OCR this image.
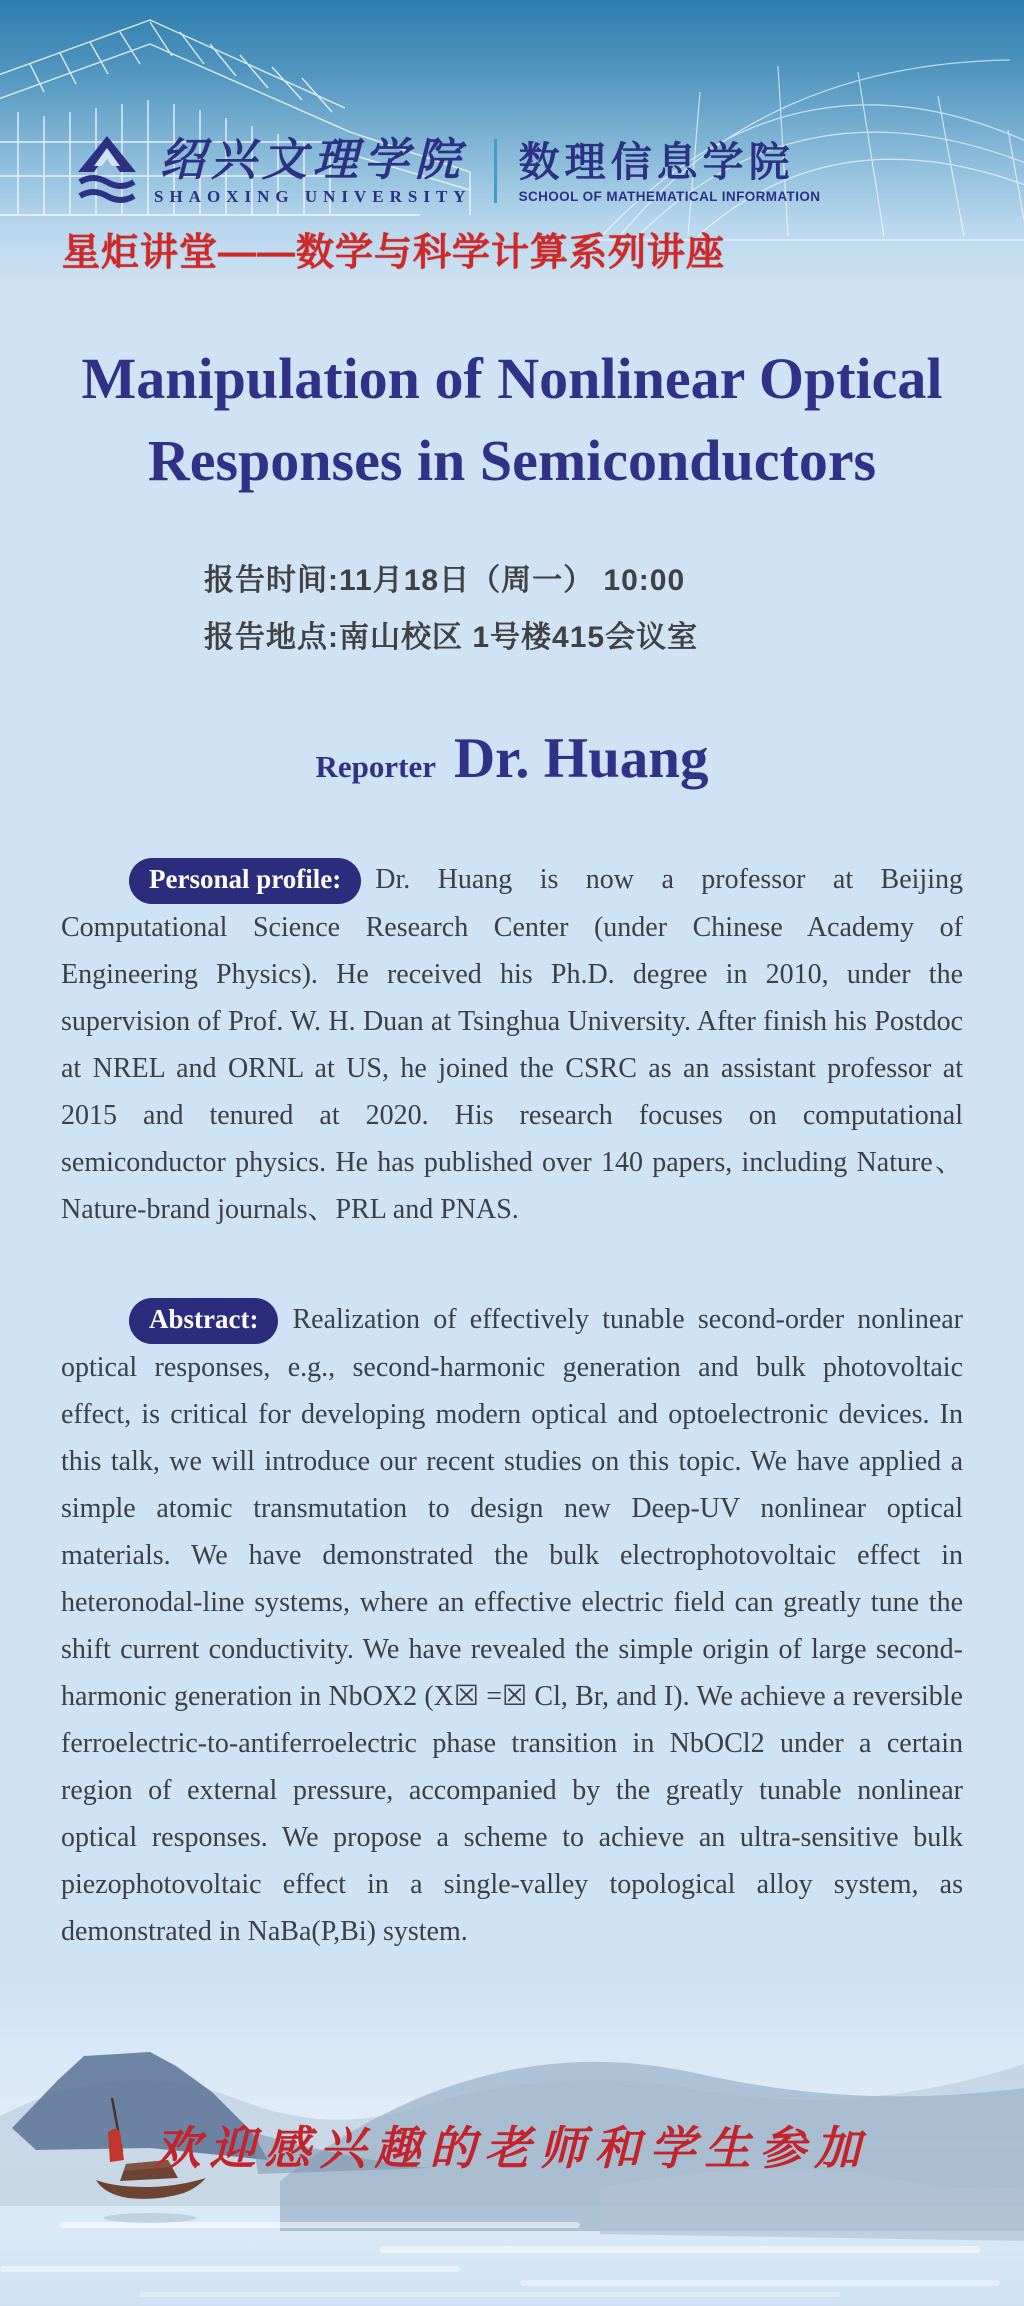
绍兴文理学院
SHAOXING UNIVERSITY
数理信息学院
SCHOOL OF MATHEMATICAL INFORMATION
星炬讲堂——数学与科学计算系列讲座
Manipulation of Nonlinear Optical
Responses in Semiconductors
报告时间:11月18日（周一） 10:00
报告地点:南山校区 1号楼415会议室
Reporter Dr. Huang

Personal profile: Dr. Huang is now a professor at Beijing Computational Science Research Center (under Chinese Academy of Engineering Physics). He received his Ph.D. degree in 2010, under the supervision of Prof. W. H. Duan at Tsinghua University. After finish his Postdoc at NREL and ORNL at US, he joined the CSRC as an assistant professor at 2015 and tenured at 2020. His research focuses on computational semiconductor physics. He has published over 140 papers, including Nature、Nature-brand journals、PRL and PNAS.

Abstract: Realization of effectively tunable second-order nonlinear optical responses, e.g., second-harmonic generation and bulk photovoltaic effect, is critical for developing modern optical and optoelectronic devices. In this talk, we will introduce our recent studies on this topic. We have applied a simple atomic transmutation to design new Deep-UV nonlinear optical materials. We have demonstrated the bulk electrophotovoltaic effect in heteronodal-line systems, where an effective electric field can greatly tune the shift current conductivity. We have revealed the simple origin of large second-harmonic generation in NbOX2 (X☒ =☒ Cl, Br, and I). We achieve a reversible ferroelectric-to-antiferroelectric phase transition in NbOCl2 under a certain region of external pressure, accompanied by the greatly tunable nonlinear optical responses. We propose a scheme to achieve an ultra-sensitive bulk piezophotovoltaic effect in a single-valley topological alloy system, as demonstrated in NaBa(P,Bi) system.

欢迎感兴趣的老师和学生参加
